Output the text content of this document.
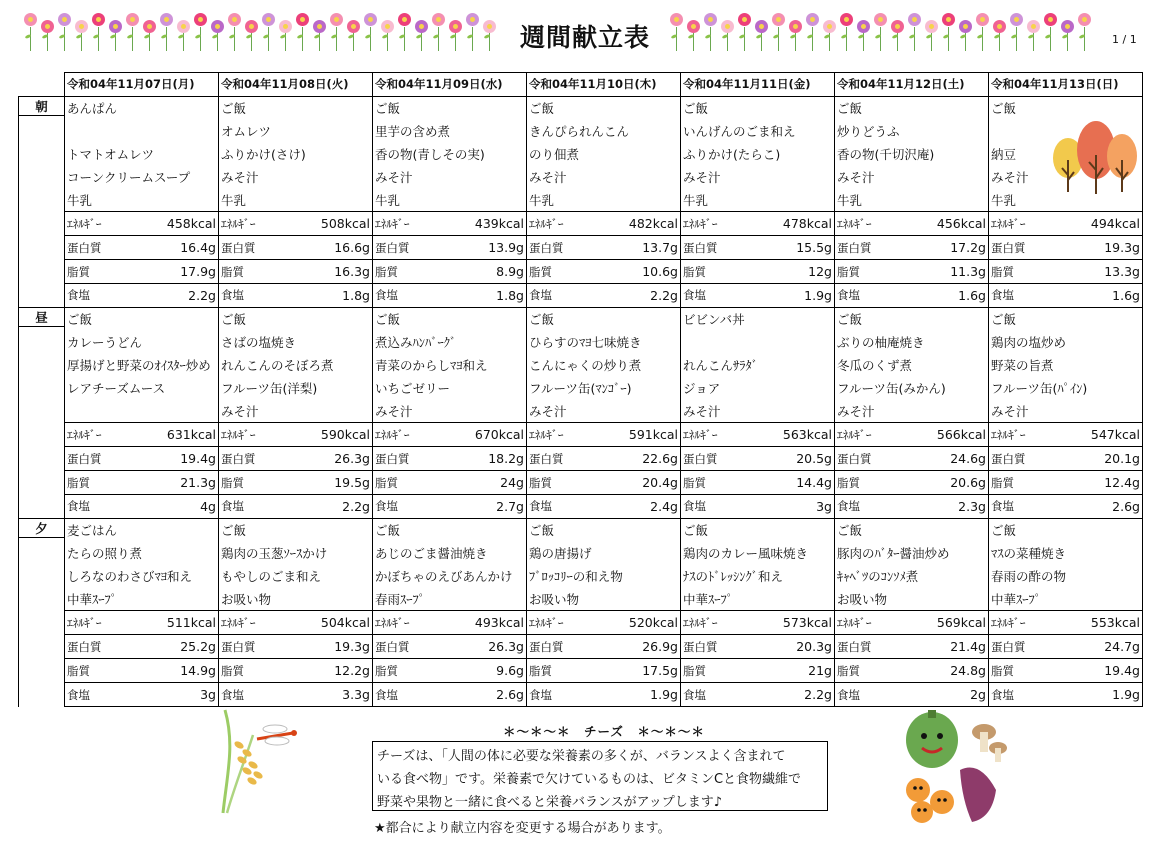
週間献立表	1 / 1
	令和04年11月07日(月)		令和04年11月08日(火)		令和04年11月09日(水)		令和04年11月10日(木)		令和04年11月11日(金)		令和04年11月12日(土)		令和04年11月13日(日)	

朝	あんぱん		ご飯		ご飯		ご飯		ご飯		ご飯		ご飯	
			オムレツ		里芋の含め煮		きんぴられんこん		いんげんのごま和え		炒りどうふ			
	トマトオムレツ		ふりかけ(さけ)		香の物(青しその実)		のり佃煮		ふりかけ(たらこ)		香の物(千切沢庵)		納豆	
	コーンクリームスープ		みそ汁		みそ汁		みそ汁		みそ汁		みそ汁		みそ汁	
	牛乳		牛乳		牛乳		牛乳		牛乳		牛乳		牛乳	
	ｴﾈﾙｷﾞｰ	458kcal	ｴﾈﾙｷﾞｰ	508kcal	ｴﾈﾙｷﾞｰ	439kcal	ｴﾈﾙｷﾞｰ	482kcal	ｴﾈﾙｷﾞｰ	478kcal	ｴﾈﾙｷﾞｰ	456kcal	ｴﾈﾙｷﾞｰ	494kcal
	蛋白質	16.4g	蛋白質	16.6g	蛋白質	13.9g	蛋白質	13.7g	蛋白質	15.5g	蛋白質	17.2g	蛋白質	19.3g
	脂質	17.9g	脂質	16.3g	脂質	8.9g	脂質	10.6g	脂質	12g	脂質	11.3g	脂質	13.3g
	食塩	2.2g	食塩	1.8g	食塩	1.8g	食塩	2.2g	食塩	1.9g	食塩	1.6g	食塩	1.6g

昼	ご飯		ご飯		ご飯		ご飯		ビビンバ丼		ご飯		ご飯	
	カレーうどん		さばの塩焼き		煮込みﾊﾝﾊﾞｰｸﾞ		ひらすのﾏﾖ七味焼き				ぶりの柚庵焼き		鶏肉の塩炒め	
	厚揚げと野菜のｵｲｽﾀｰ炒め		れんこんのそぼろ煮		青菜のからしﾏﾖ和え		こんにゃくの炒り煮		れんこんｻﾗﾀﾞ		冬瓜のくず煮		野菜の旨煮	
	レアチーズムース		フルーツ缶(洋梨)		いちごゼリー		フルーツ缶(ﾏﾝｺﾞｰ)		ジョア		フルーツ缶(みかん)		フルーツ缶(ﾊﾟｲﾝ)	
			みそ汁		みそ汁		みそ汁		みそ汁		みそ汁		みそ汁	
	ｴﾈﾙｷﾞｰ	631kcal	ｴﾈﾙｷﾞｰ	590kcal	ｴﾈﾙｷﾞｰ	670kcal	ｴﾈﾙｷﾞｰ	591kcal	ｴﾈﾙｷﾞｰ	563kcal	ｴﾈﾙｷﾞｰ	566kcal	ｴﾈﾙｷﾞｰ	547kcal
	蛋白質	19.4g	蛋白質	26.3g	蛋白質	18.2g	蛋白質	22.6g	蛋白質	20.5g	蛋白質	24.6g	蛋白質	20.1g
	脂質	21.3g	脂質	19.5g	脂質	24g	脂質	20.4g	脂質	14.4g	脂質	20.6g	脂質	12.4g
	食塩	4g	食塩	2.2g	食塩	2.7g	食塩	2.4g	食塩	3g	食塩	2.3g	食塩	2.6g

夕	麦ごはん		ご飯		ご飯		ご飯		ご飯		ご飯		ご飯	
	たらの照り煮		鶏肉の玉葱ｿｰｽかけ		あじのごま醤油焼き		鶏の唐揚げ		鶏肉のカレー風味焼き		豚肉のﾊﾞﾀｰ醤油炒め		ﾏｽの菜種焼き	
	しろなのわさびﾏﾖ和え		もやしのごま和え		かぼちゃのえびあんかけ		ﾌﾞﾛｯｺﾘｰの和え物		ﾅｽのﾄﾞﾚｯｼﾝｸﾞ和え		ｷｬﾍﾞﾂのｺﾝｿﾒ煮		春雨の酢の物	
	中華ｽｰﾌﾟ		お吸い物		春雨ｽｰﾌﾟ		お吸い物		中華ｽｰﾌﾟ		お吸い物		中華ｽｰﾌﾟ	
	ｴﾈﾙｷﾞｰ	511kcal	ｴﾈﾙｷﾞｰ	504kcal	ｴﾈﾙｷﾞｰ	493kcal	ｴﾈﾙｷﾞｰ	520kcal	ｴﾈﾙｷﾞｰ	573kcal	ｴﾈﾙｷﾞｰ	569kcal	ｴﾈﾙｷﾞｰ	553kcal
	蛋白質	25.2g	蛋白質	19.3g	蛋白質	26.3g	蛋白質	26.9g	蛋白質	20.3g	蛋白質	21.4g	蛋白質	24.7g
	脂質	14.9g	脂質	12.2g	脂質	9.6g	脂質	17.5g	脂質	21g	脂質	24.8g	脂質	19.4g
	食塩	3g	食塩	3.3g	食塩	2.6g	食塩	1.9g	食塩	2.2g	食塩	2g	食塩	1.9g
＊～＊～＊　チーズ　＊～＊～＊

チーズは、「人間の体に必要な栄養素の多くが、バランスよく含まれて

いる食べ物」です。栄養素で欠けているものは、ビタミンCと食物繊維で

野菜や果物と一緒に食べると栄養バランスがアップします♪

★都合により献立内容を変更する場合があります。
